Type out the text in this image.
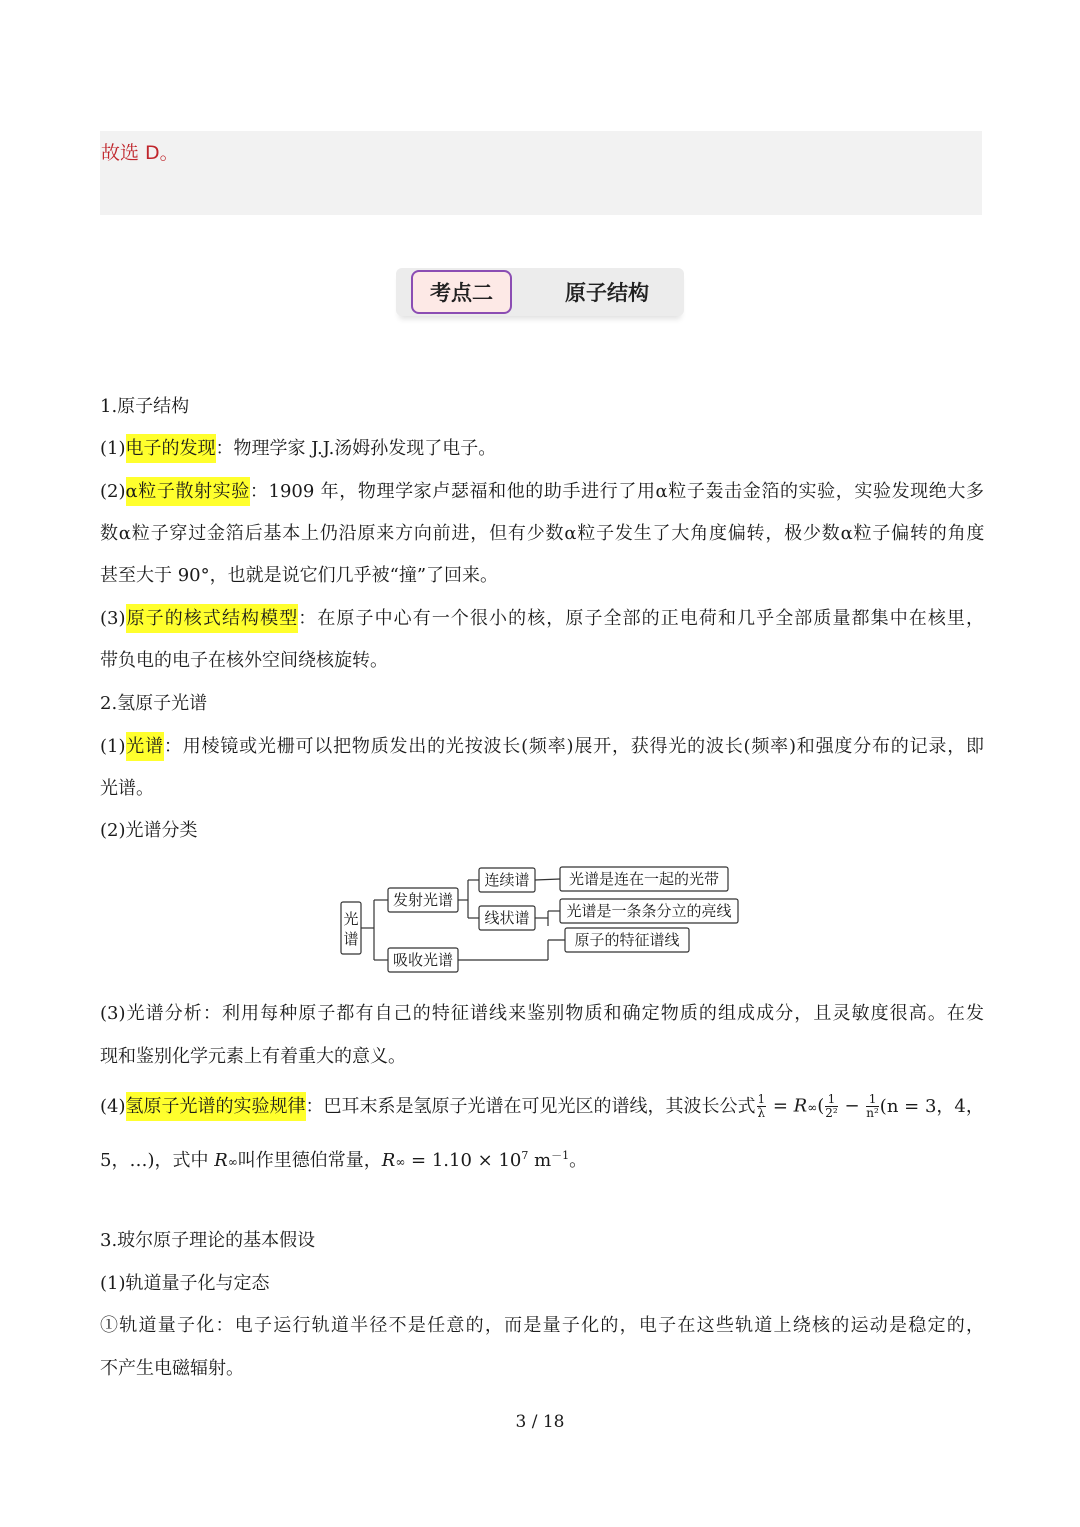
故选 D。
考点二	原子结构
1.原子结构
(1)电子的发现：物理学家 J.J.汤姆孙发现了电子。
(2)α粒子散射实验：1909 年，物理学家卢瑟福和他的助手进行了用α粒子轰击金箔的实验，实验发现绝大多
数α粒子穿过金箔后基本上仍沿原来方向前进，但有少数α粒子发生了大角度偏转，极少数α粒子偏转的角度
甚至大于 90°，也就是说它们几乎被“撞”了回来。
(3)原子的核式结构模型：在原子中心有一个很小的核，原子全部的正电荷和几乎全部质量都集中在核里，
带负电的电子在核外空间绕核旋转。
2.氢原子光谱
(1)光谱：用棱镜或光栅可以把物质发出的光按波长(频率)展开，获得光的波长(频率)和强度分布的记录，即
光谱。
(2)光谱分类
光
谱
发射光谱
吸收光谱
连续谱
线状谱
光谱是连在一起的光带
光谱是一条条分立的亮线
原子的特征谱线
(3)光谱分析：利用每种原子都有自己的特征谱线来鉴别物质和确定物质的组成成分，且灵敏度很高。在发
现和鉴别化学元素上有着重大的意义。
(4)氢原子光谱的实验规律：巴耳末系是氢原子光谱在可见光区的谱线，其波长公式 $\frac{1}{\lambda} = R\infty( \frac{1}{\text{2²}} - \frac{1}{\text{n²}} (n = 3$，4，
5，…)，式中 R∞叫作里德伯常量，$R\infty = 1.10 \times 10^7$ $m^{-1}$。
3.玻尔原子理论的基本假设
(1)轨道量子化与定态
①轨道量子化：电子运行轨道半径不是任意的，而是量子化的，电子在这些轨道上绕核的运动是稳定的，
不产生电磁辐射。
3 / 18
